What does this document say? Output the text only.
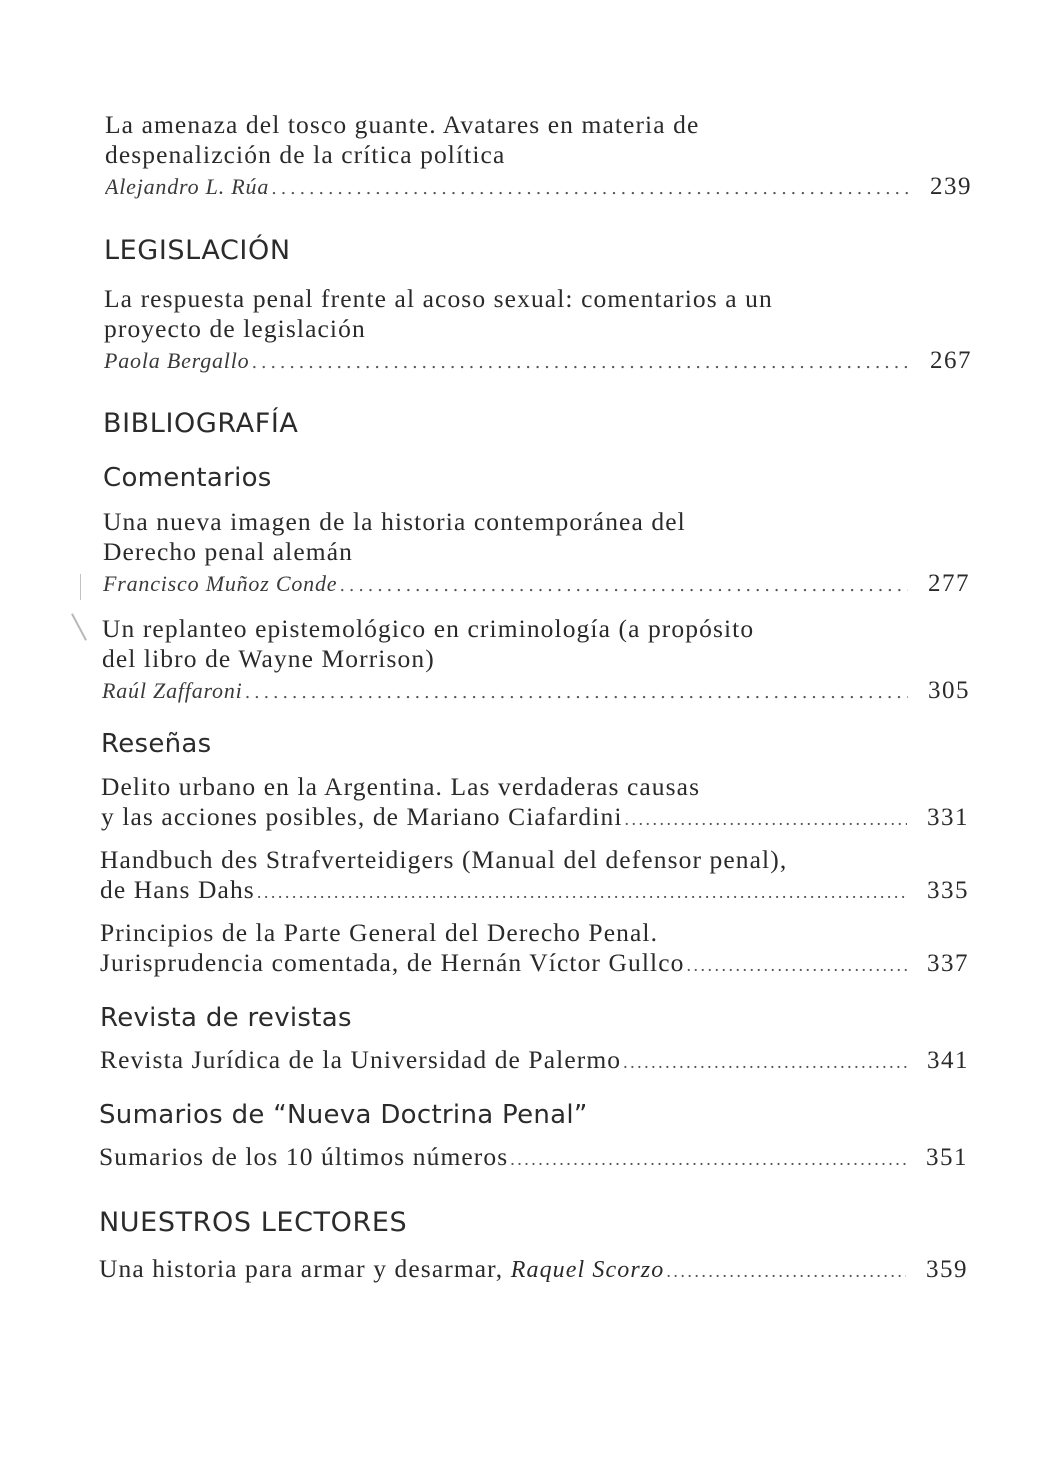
La amenaza del tosco guante. Avatares en materia de
despenalizción de la crítica política
Alejandro L. Rúa . . .	239
LEGISLACIÓN
La respuesta penal frente al acoso sexual: comentarios a un
proyecto de legislación
Paola Bergallo . . .	267
BIBLIOGRAFÍA
Comentarios
Una nueva imagen de la historia contemporánea del
Derecho penal alemán
Francisco Muñoz Conde . . .	277
Un replanteo epistemológico en criminología (a propósito
del libro de Wayne Morrison)
Raúl Zaffaroni . . .	305
Reseñas
Delito urbano en la Argentina. Las verdaderas causas
y las acciones posibles, de Mariano Ciafardini . . .	331
Handbuch des Strafverteidigers (Manual del defensor penal),
de Hans Dahs . . .	335
Principios de la Parte General del Derecho Penal.
Jurisprudencia comentada, de Hernán Víctor Gullco . . .	337
Revista de revistas
Revista Jurídica de la Universidad de Palermo . . .	341
Sumarios de “Nueva Doctrina Penal”
Sumarios de los 10 últimos números . . .	351
NUESTROS LECTORES
Una historia para armar y desarmar, Raquel Scorzo . . .	359
